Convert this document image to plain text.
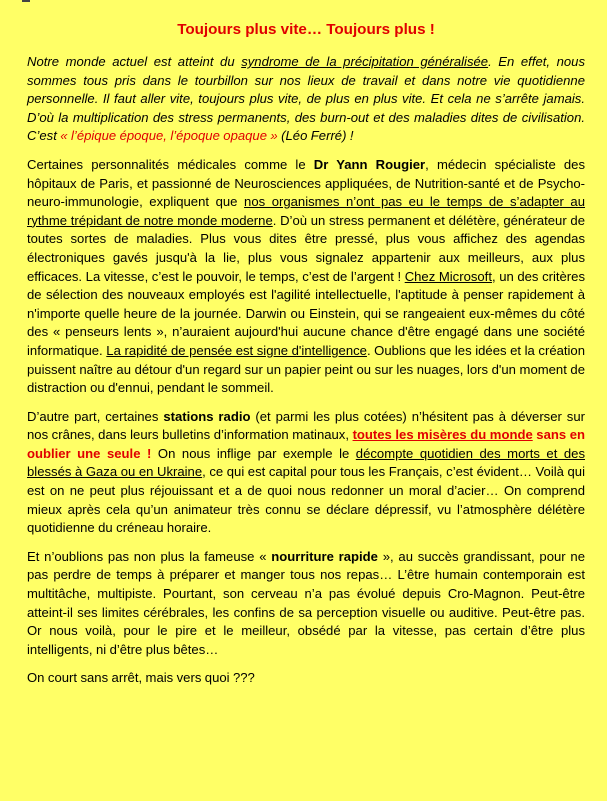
Toujours plus vite… Toujours plus !

Notre monde actuel est atteint du syndrome de la précipitation généralisée. En effet, nous sommes tous pris dans le tourbillon sur nos lieux de travail et dans notre vie quotidienne personnelle. Il faut aller vite, toujours plus vite, de plus en plus vite. Et cela ne s’arrête jamais. D’où la multiplication des stress permanents, des burn-out et des maladies dites de civilisation. C’est « l’épique époque, l’époque opaque » (Léo Ferré) !

Certaines personnalités médicales comme le Dr Yann Rougier, médecin spécialiste des hôpitaux de Paris, et passionné de Neurosciences appliquées, de Nutrition-santé et de Psycho-neuro-immunologie, expliquent que nos organismes n’ont pas eu le temps de s’adapter au rythme trépidant de notre monde moderne. D’où un stress permanent et délétère, générateur de toutes sortes de maladies. Plus vous dites être pressé, plus vous affichez des agendas électroniques gavés jusqu'à la lie, plus vous signalez appartenir aux meilleurs, aux plus efficaces. La vitesse, c’est le pouvoir, le temps, c’est de l’argent ! Chez Microsoft, un des critères de sélection des nouveaux employés est l'agilité intellectuelle, l'aptitude à penser rapidement à n'importe quelle heure de la journée. Darwin ou Einstein, qui se rangeaient eux-mêmes du côté des « penseurs lents », n’auraient aujourd'hui aucune chance d'être engagé dans une société informatique. La rapidité de pensée est signe d'intelligence. Oublions que les idées et la création puissent naître au détour d'un regard sur un papier peint ou sur les nuages, lors d'un moment de distraction ou d'ennui, pendant le sommeil.

D’autre part, certaines stations radio (et parmi les plus cotées) n’hésitent pas à déverser sur nos crânes, dans leurs bulletins d’information matinaux, toutes les misères du monde sans en oublier une seule ! On nous inflige par exemple le décompte quotidien des morts et des blessés à Gaza ou en Ukraine, ce qui est capital pour tous les Français, c’est évident… Voilà qui est on ne peut plus réjouissant et a de quoi nous redonner un moral d’acier… On comprend mieux après cela qu’un animateur très connu se déclare dépressif, vu l’atmosphère délétère quotidienne du créneau horaire.

Et n’oublions pas non plus la fameuse « nourriture rapide », au succès grandissant, pour ne pas perdre de temps à préparer et manger tous nos repas… L’être humain contemporain est multitâche, multipiste. Pourtant, son cerveau n’a pas évolué depuis Cro-Magnon. Peut-être atteint-il ses limites cérébrales, les confins de sa perception visuelle ou auditive. Peut-être pas. Or nous voilà, pour le pire et le meilleur, obsédé par la vitesse, pas certain d’être plus intelligents, ni d’être plus bêtes…

On court sans arrêt, mais vers quoi ???
